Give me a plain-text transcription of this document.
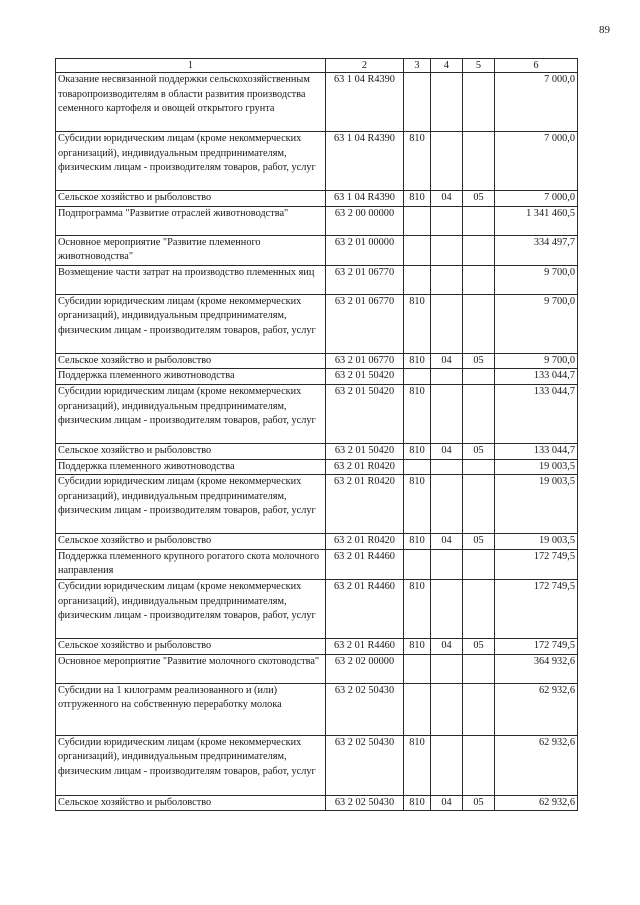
89
1	2	3	4	5	6
Оказание несвязанной поддержки сельскохозяйственным товаропроизводителям в области развития производства семенного картофеля и овощей открытого грунта	63 1 04 R4390				7 000,0
Субсидии юридическим лицам (кроме некоммерческих организаций), индивидуальным предпринимателям, физическим лицам - производителям товаров, работ, услуг	63 1 04 R4390	810			7 000,0
Сельское хозяйство и рыболовство	63 1 04 R4390	810	04	05	7 000,0
Подпрограмма "Развитие отраслей животноводства"	63 2 00 00000				1 341 460,5
Основное мероприятие "Развитие племенного животноводства"	63 2 01 00000				334 497,7
Возмещение части затрат на производство племенных яиц	63 2 01 06770				9 700,0
Субсидии юридическим лицам (кроме некоммерческих организаций), индивидуальным предпринимателям, физическим лицам - производителям товаров, работ, услуг	63 2 01 06770	810			9 700,0
Сельское хозяйство и рыболовство	63 2 01 06770	810	04	05	9 700,0
Поддержка племенного животноводства	63 2 01 50420				133 044,7
Субсидии юридическим лицам (кроме некоммерческих организаций), индивидуальным предпринимателям, физическим лицам - производителям товаров, работ, услуг	63 2 01 50420	810			133 044,7
Сельское хозяйство и рыболовство	63 2 01 50420	810	04	05	133 044,7
Поддержка племенного животноводства	63 2 01 R0420				19 003,5
Субсидии юридическим лицам (кроме некоммерческих организаций), индивидуальным предпринимателям, физическим лицам - производителям товаров, работ, услуг	63 2 01 R0420	810			19 003,5
Сельское хозяйство и рыболовство	63 2 01 R0420	810	04	05	19 003,5
Поддержка племенного крупного рогатого скота молочного направления	63 2 01 R4460				172 749,5
Субсидии юридическим лицам (кроме некоммерческих организаций), индивидуальным предпринимателям, физическим лицам - производителям товаров, работ, услуг	63 2 01 R4460	810			172 749,5
Сельское хозяйство и рыболовство	63 2 01 R4460	810	04	05	172 749,5
Основное мероприятие "Развитие молочного скотоводства"	63 2 02 00000				364 932,6
Субсидии на 1 килограмм реализованного и (или) отгруженного на собственную переработку молока	63 2 02 50430				62 932,6
Субсидии юридическим лицам (кроме некоммерческих организаций), индивидуальным предпринимателям, физическим лицам - производителям товаров, работ, услуг	63 2 02 50430	810			62 932,6
Сельское хозяйство и рыболовство	63 2 02 50430	810	04	05	62 932,6
